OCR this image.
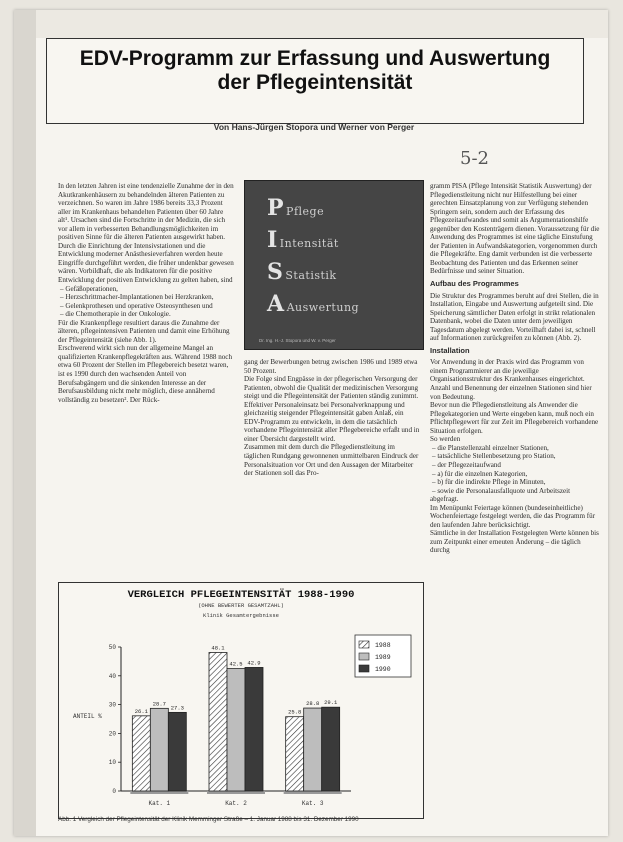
EDV-Programm zur Erfassung und Auswertung
der Pflegeintensität
Von Hans-Jürgen Stopora und Werner von Perger
5-2

In den letzten Jahren ist eine tendenzielle Zunahme der in den Akutkrankenhäusern zu behandelnden älteren Patienten zu verzeichnen. So waren im Jahre 1986 bereits 33,3 Prozent aller im Krankenhaus behandelten Patienten über 60 Jahre alt¹. Ursachen sind die Fortschritte in der Medizin, die sich vor allem in verbesserten Behandlungsmöglichkeiten im positiven Sinne für die älteren Patienten ausgewirkt haben. Durch die Einrichtung der Intensivstationen und die Entwicklung moderner Anästhesieverfahren werden heute Eingriffe durchgeführt werden, die früher undenkbar gewesen wären. Vorbildhaft, die als Indikatoren für die positive Entwicklung der positiven Entwicklung zu gelten haben, sind

– Gefäßoperationen,
– Herzschrittmacher-Implantationen bei Herzkranken,
– Gelenkprothesen und operative Osteosynthesen und
– die Chemotherapie in der Onkologie.

Für die Krankenpflege resultiert daraus die Zunahme der älteren, pflegeintensiven Patienten und damit eine Erhöhung der Pflegeintensität (siehe Abb. 1).

Erschwerend wirkt sich nun der allgemeine Mangel an qualifizierten Krankenpflegekräften aus. Während 1988 noch etwa 60 Prozent der Stellen im Pflegebereich besetzt waren, ist es 1990 durch den wachsenden Anteil von Berufsabgängern und die sinkenden Interesse an der Berufsausbildung nicht mehr möglich, diese annähernd vollständig zu besetzen². Der Rück-

P Pflege
I Intensität
S Statistik
A Auswertung
Dr. Ing. H.-J. Stopora und W. v. Perger

gang der Bewerbungen betrug zwischen 1986 und 1989 etwa 50 Prozent.

Die Folge sind Engpässe in der pflegerischen Versorgung der Patienten, obwohl die Qualität der medizinischen Versorgung steigt und die Pflegeintensität der Patienten ständig zunimmt.

Effektiver Personaleinsatz bei Personalverknappung und gleichzeitig steigender Pflegeintensität gaben Anlaß, ein EDV-Programm zu entwickeln, in dem die tatsächlich vorhandene Pflegeintensität aller Pflegebereiche erfaßt und in einer Übersicht dargestellt wird.

Zusammen mit dem durch die Pflegedienstleitung im täglichen Rundgang gewonnenen unmittelbaren Eindruck der Personalsituation vor Ort und den Aussagen der Mitarbeiter der Stationen soll das Pro-

gramm PISA (Pflege Intensität Statistik Auswertung) der Pflegedienstleitung nicht nur Hilfestellung bei einer gerechten Einsatzplanung von zur Verfügung stehenden Springern sein, sondern auch der Erfassung des Pflegezeitaufwandes und somit als Argumentationshilfe gegenüber den Kostenträgern dienen. Voraussetzung für die Anwendung des Programmes ist eine tägliche Einstufung der Patienten in Aufwandskategorien, vorgenommen durch die Pflegekräfte. Eng damit verbunden ist die verbesserte Beobachtung des Patienten und das Erkennen seiner Bedürfnisse und seiner Situation.

Aufbau des Programmes

Die Struktur des Programmes beruht auf drei Stellen, die in Installation, Eingabe und Auswertung aufgeteilt sind. Die Speicherung sämtlicher Daten erfolgt in strikt relationalen Datenbank, wobei die Daten unter dem jeweiligen Tagesdatum abgelegt werden. Vorteilhaft dabei ist, schnell auf Informationen zurückgreifen zu können (Abb. 2).

Installation

Vor Anwendung in der Praxis wird das Programm von einem Programmierer an die jeweilige Organisationsstruktur des Krankenhauses eingerichtet. Anzahl und Benennung der einzelnen Stationen sind hier von Bedeutung.

Bevor nun die Pflegedienstleitung als Anwender die Pflegekategorien und Werte eingeben kann, muß noch ein Pflichtpflegewert für zur Zeit im Pflegebereich vorhandene Situation erfolgen.

So werden

– die Planstellenzahl einzelner Stationen,
– tatsächliche Stellenbesetzung pro Station,
– der Pflegezeitaufwand
– a) für die einzelnen Kategorien,
– b) für die indirekte Pflege in Minuten,
– sowie die Personalausfallquote und Arbeitszeit

abgefragt.

Im Menüpunkt Feiertage können (bundeseinheitliche) Wochenfeiertage festgelegt werden, die das Programm für den laufenden Jahre berücksichtigt.

Sämtliche in der Installation Festgelegten Werte können bis zum Zeitpunkt einer erneuten Änderung – die täglich durchg

VERGLEICH PFLEGEINTENSITÄT 1988-1990
(OHNE BEWERTER GESAMTZAHL)
Klinik Gesamtergebnisse
ANTEIL %
0
10
20
30
40
50
26.1
28.7
27.3
Kat. 1
48.1
42.5 42.9
Kat. 2
25.8
28.8 29.1
Kat. 3
1988
1989
1990
Abb. 1 Vergleich der Pflegeintensität der Klinik Memminger Straße – 1. Januar 1988 bis 31. Dezember 1990
